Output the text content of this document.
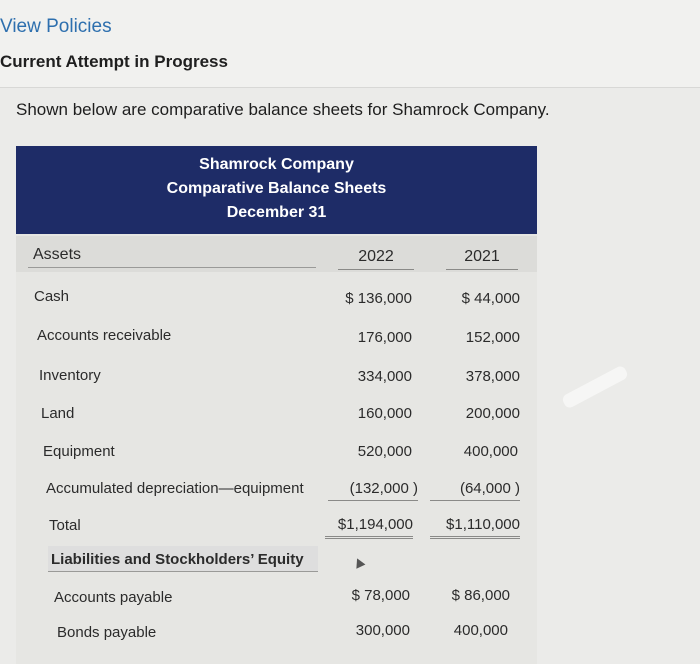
View Policies
Current Attempt in Progress
Shown below are comparative balance sheets for Shamrock Company.
Shamrock Company
Comparative Balance Sheets
December 31
Assets	2022	2021
Cash	$ 136,000	$ 44,000
Accounts receivable	176,000	152,000
Inventory	334,000	378,000
Land	160,000	200,000
Equipment	520,000	400,000
Accumulated depreciation—equipment	(132,000 )	(64,000 )
Total	$1,194,000	$1,110,000
Liabilities and Stockholders’ Equity
Accounts payable	$ 78,000	$ 86,000
Bonds payable	300,000	400,000
